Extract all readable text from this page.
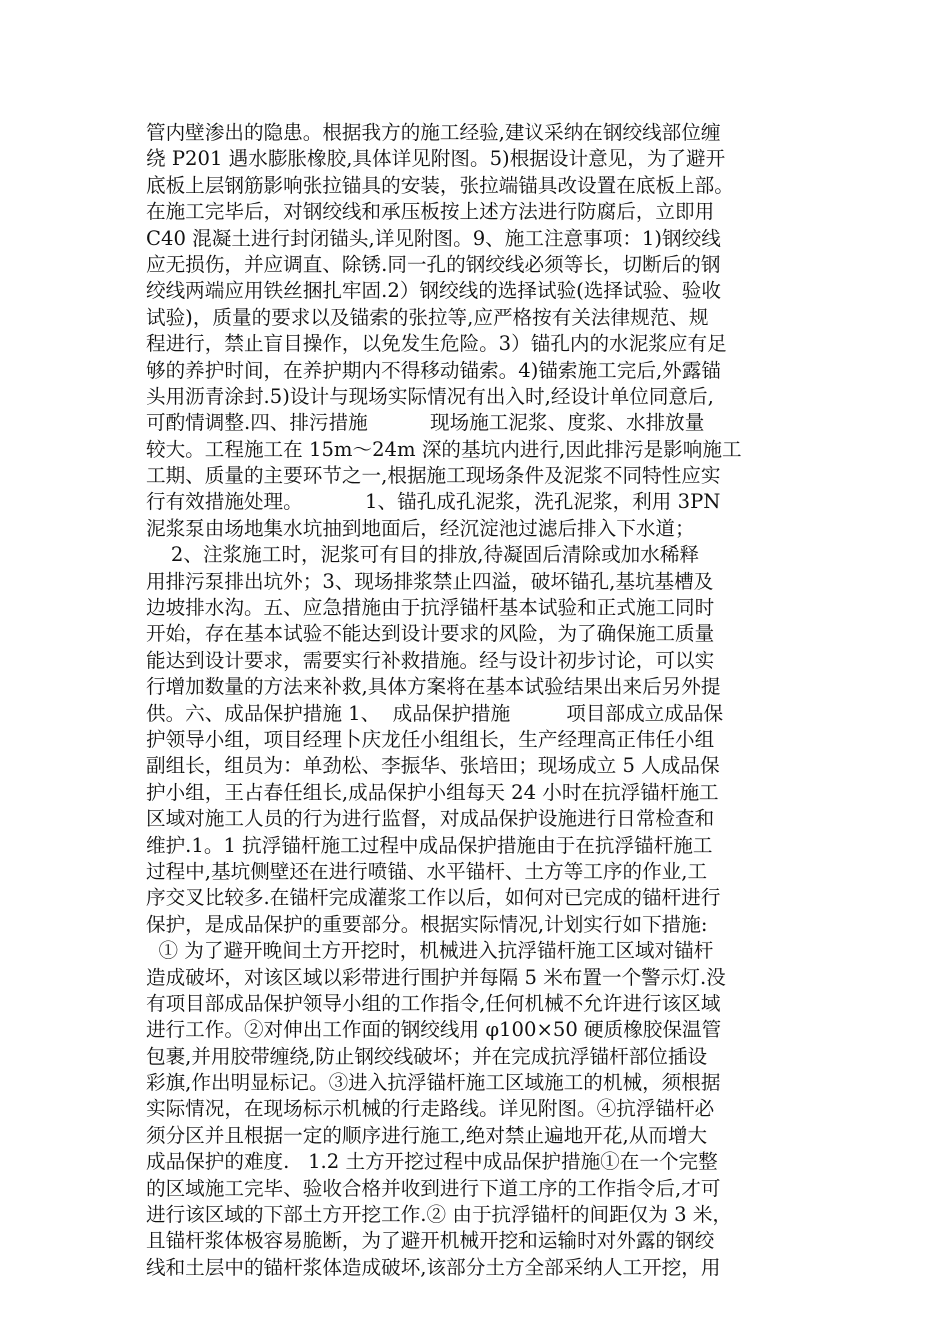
管内壁渗出的隐患。根据我方的施工经验,建议采纳在钢绞线部位缠
绕 P201 遇水膨胀橡胶,具体详见附图。5)根据设计意见，为了避开
底板上层钢筋影响张拉锚具的安装，张拉端锚具改设置在底板上部。
在施工完毕后，对钢绞线和承压板按上述方法进行防腐后，立即用
C40 混凝土进行封闭锚头,详见附图。9、施工注意事项：1)钢绞线
应无损伤，并应调直、除锈.同一孔的钢绞线必须等长，切断后的钢
绞线两端应用铁丝捆扎牢固.2）钢绞线的选择试验(选择试验、验收
试验)，质量的要求以及锚索的张拉等,应严格按有关法律规范、规
程进行，禁止盲目操作，以免发生危险。3）锚孔内的水泥浆应有足
够的养护时间，在养护期内不得移动锚索。4)锚索施工完后,外露锚
头用沥青涂封.5)设计与现场实际情况有出入时,经设计单位同意后,
可酌情调整.四、排污措施          现场施工泥浆、度浆、水排放量
较大。工程施工在 15m～24m 深的基坑内进行,因此排污是影响施工
工期、质量的主要环节之一,根据施工现场条件及泥浆不同特性应实
行有效措施处理。          1、锚孔成孔泥浆，洗孔泥浆，利用 3PN
泥浆泵由场地集水坑抽到地面后，经沉淀池过滤后排入下水道；
2、注浆施工时，泥浆可有目的排放,待凝固后清除或加水稀释
用排污泵排出坑外；3、现场排浆禁止四溢，破坏锚孔,基坑基槽及
边坡排水沟。五、应急措施由于抗浮锚杆基本试验和正式施工同时
开始，存在基本试验不能达到设计要求的风险，为了确保施工质量
能达到设计要求，需要实行补救措施。经与设计初步讨论，可以实
行增加数量的方法来补救,具体方案将在基本试验结果出来后另外提
供。六、成品保护措施 1、  成品保护措施         项目部成立成品保
护领导小组，项目经理卜庆龙任小组组长，生产经理高正伟任小组
副组长，组员为：单劲松、李振华、张培田；现场成立 5 人成品保
护小组，王占春任组长,成品保护小组每天 24 小时在抗浮锚杆施工
区域对施工人员的行为进行监督，对成品保护设施进行日常检查和
维护.1。1 抗浮锚杆施工过程中成品保护措施由于在抗浮锚杆施工
过程中,基坑侧壁还在进行喷锚、水平锚杆、土方等工序的作业,工
序交叉比较多.在锚杆完成灌浆工作以后，如何对已完成的锚杆进行
保护，是成品保护的重要部分。根据实际情况,计划实行如下措施:
① 为了避开晚间土方开挖时，机械进入抗浮锚杆施工区域对锚杆
造成破坏，对该区域以彩带进行围护并每隔 5 米布置一个警示灯.没
有项目部成品保护领导小组的工作指令,任何机械不允许进行该区域
进行工作。②对伸出工作面的钢绞线用 φ100×50 硬质橡胶保温管
包裹,并用胶带缠绕,防止钢绞线破坏；并在完成抗浮锚杆部位插设
彩旗,作出明显标记。③进入抗浮锚杆施工区域施工的机械，须根据
实际情况，在现场标示机械的行走路线。详见附图。④抗浮锚杆必
须分区并且根据一定的顺序进行施工,绝对禁止遍地开花,从而增大
成品保护的难度.   1.2 土方开挖过程中成品保护措施①在一个完整
的区域施工完毕、验收合格并收到进行下道工序的工作指令后,才可
进行该区域的下部土方开挖工作.② 由于抗浮锚杆的间距仅为 3 米，
且锚杆浆体极容易脆断，为了避开机械开挖和运输时对外露的钢绞
线和土层中的锚杆浆体造成破坏,该部分土方全部采纳人工开挖，用
